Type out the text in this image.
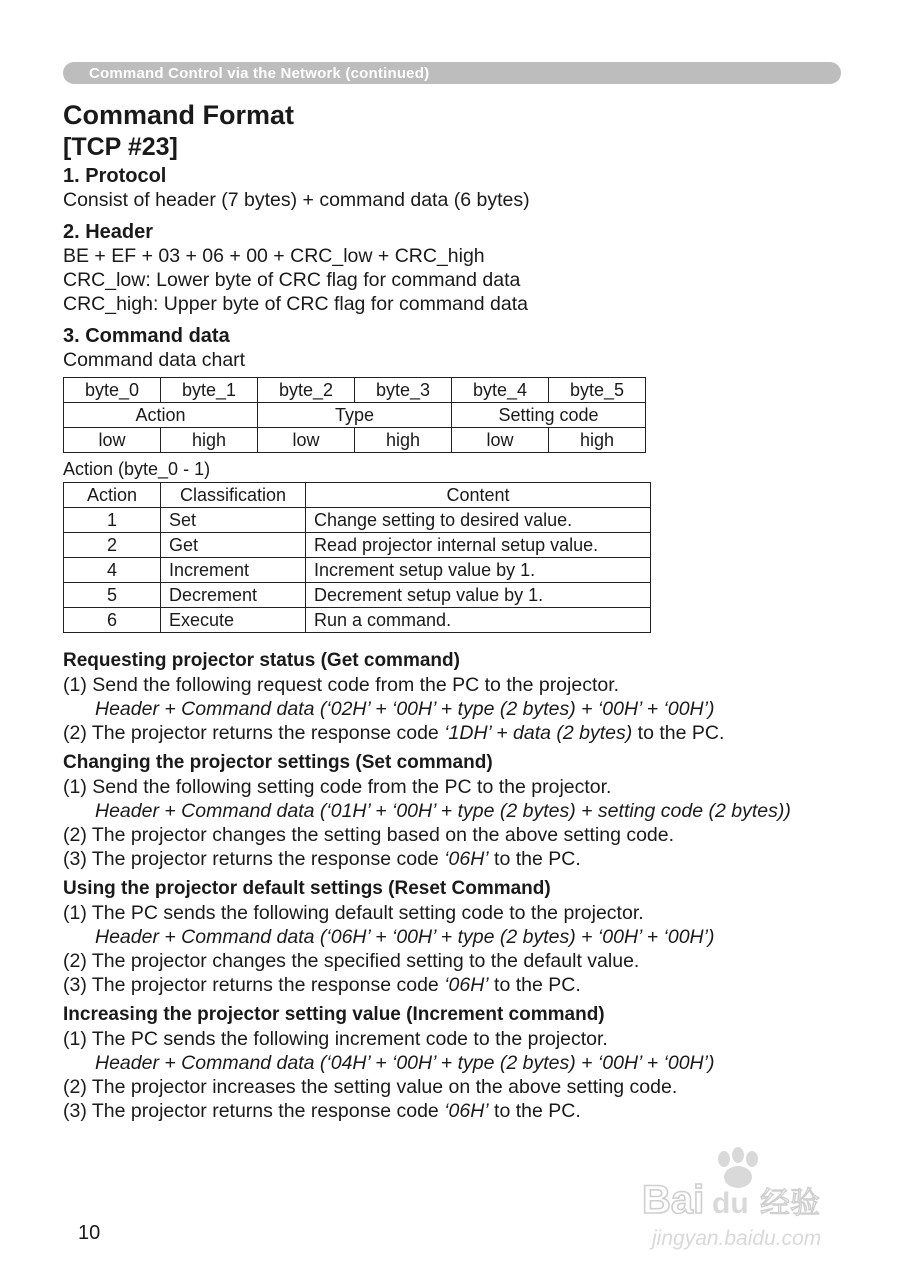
Command Control via the Network (continued)
Command Format
[TCP #23]
1. Protocol
Consist of header (7 bytes) + command data (6 bytes)
2. Header
BE + EF + 03 + 06 + 00 + CRC_low + CRC_high
CRC_low: Lower byte of CRC flag for command data
CRC_high: Upper byte of CRC flag for command data
3. Command data
Command data chart
byte_0	byte_1	byte_2	byte_3	byte_4	byte_5
Action		Type		Setting code	
low	high	low	high	low	high
Action (byte_0 - 1)
Action	Classification	Content
1	Set	Change setting to desired value.
2	Get	Read projector internal setup value.
4	Increment	Increment setup value by 1.
5	Decrement	Decrement setup value by 1.
6	Execute	Run a command.
Requesting projector status (Get command)
(1) Send the following request code from the PC to the projector.
Header + Command data (‘02H’ + ‘00H’ + type (2 bytes) + ‘00H’ + ‘00H’)
(2) The projector returns the response code ‘1DH’ + data (2 bytes) to the PC.
Changing the projector settings (Set command)
(1) Send the following setting code from the PC to the projector.
Header + Command data (‘01H’ + ‘00H’ + type (2 bytes) + setting code (2 bytes))
(2) The projector changes the setting based on the above setting code.
(3) The projector returns the response code ‘06H’ to the PC.
Using the projector default settings (Reset Command)
(1) The PC sends the following default setting code to the projector.
Header + Command data (‘06H’ + ‘00H’ + type (2 bytes) + ‘00H’ + ‘00H’)
(2) The projector changes the specified setting to the default value.
(3) The projector returns the response code ‘06H’ to the PC.
Increasing the projector setting value (Increment command)
(1) The PC sends the following increment code to the projector.
Header + Command data (‘04H’ + ‘00H’ + type (2 bytes) + ‘00H’ + ‘00H’)
(2) The projector increases the setting value on the above setting code.
(3) The projector returns the response code ‘06H’ to the PC.
10
Bai du 经验
jingyan.baidu.com
